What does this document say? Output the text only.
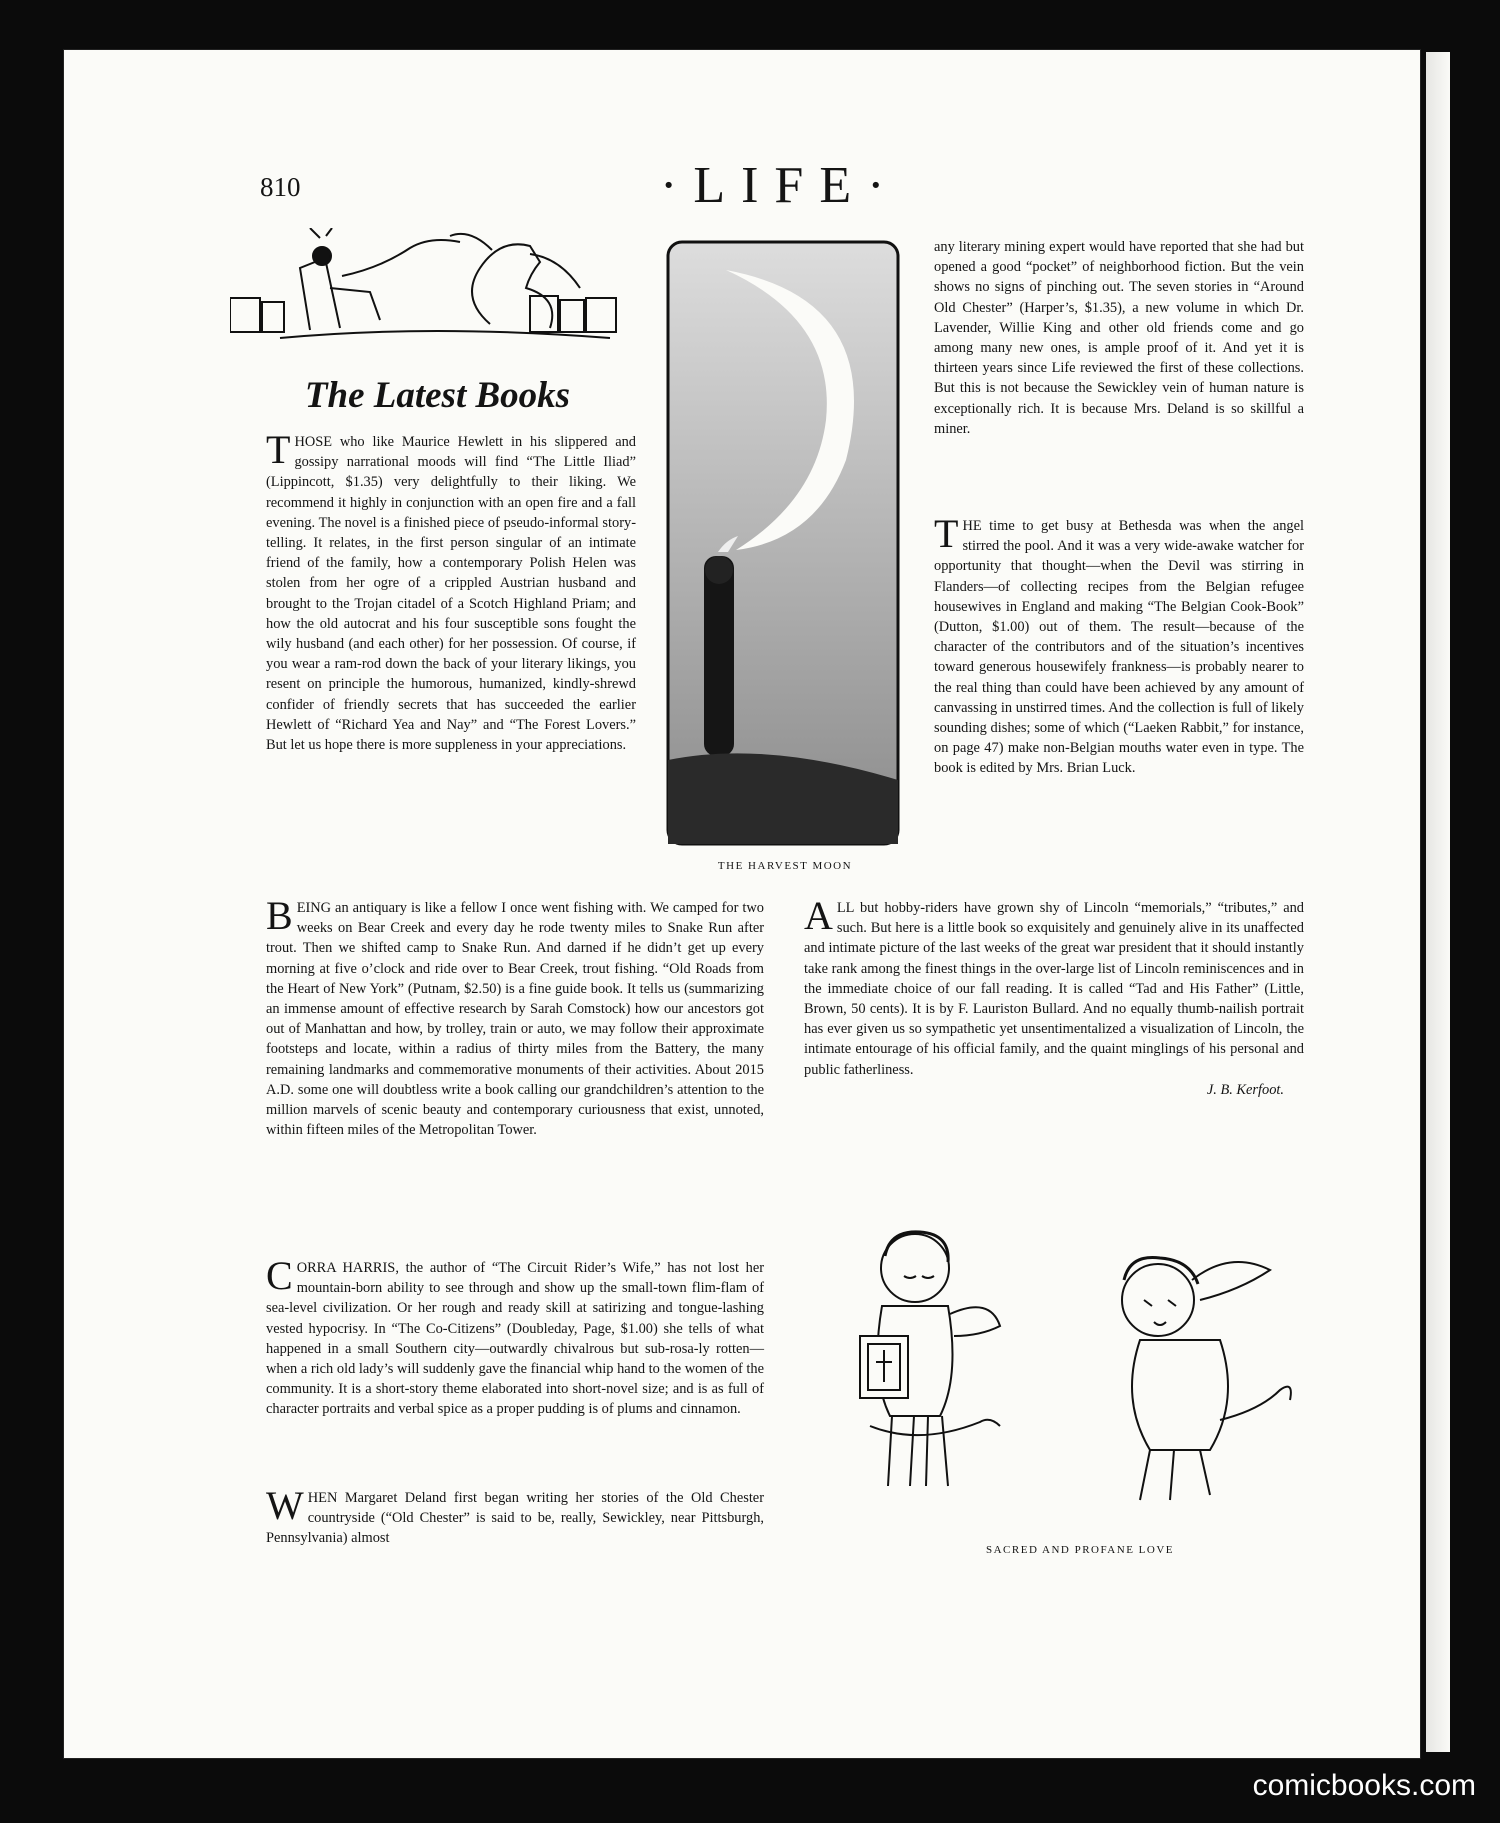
810	·LIFE·
The Latest Books
T HOSE who like Maurice Hewlett in his slippered and gossipy narrational moods will find “The Little Iliad” (Lippincott, $1.35) very delightfully to their liking. We recommend it highly in conjunction with an open fire and a fall evening. The novel is a finished piece of pseudo-informal story-telling. It relates, in the first person singular of an intimate friend of the family, how a contemporary Polish Helen was stolen from her ogre of a crippled Austrian husband and brought to the Trojan citadel of a Scotch Highland Priam; and how the old autocrat and his four susceptible sons fought the wily husband (and each other) for her possession. Of course, if you wear a ram-rod down the back of your literary likings, you resent on principle the humorous, humanized, kindly-shrewd confider of friendly secrets that has succeeded the earlier Hewlett of “Richard Yea and Nay” and “The Forest Lovers.” But let us hope there is more suppleness in your appreciations.

THE HARVEST MOON

any literary mining expert would have reported that she had but opened a good “pocket” of neighborhood fiction. But the vein shows no signs of pinching out. The seven stories in “Around Old Chester” (Harper’s, $1.35), a new volume in which Dr. Lavender, Willie King and other old friends come and go among many new ones, is ample proof of it. And yet it is thirteen years since Life reviewed the first of these collections. But this is not because the Sewickley vein of human nature is exceptionally rich. It is because Mrs. Deland is so skillful a miner.

T HE time to get busy at Bethesda was when the angel stirred the pool. And it was a very wide-awake watcher for opportunity that thought—when the Devil was stirring in Flanders—of collecting recipes from the Belgian refugee housewives in England and making “The Belgian Cook-Book” (Dutton, $1.00) out of them. The result—because of the character of the contributors and of the situation’s incentives toward generous housewifely frankness—is probably nearer to the real thing than could have been achieved by any amount of canvassing in unstirred times. And the collection is full of likely sounding dishes; some of which (“Laeken Rabbit,” for instance, on page 47) make non-Belgian mouths water even in type. The book is edited by Mrs. Brian Luck.

B EING an antiquary is like a fellow I once went fishing with. We camped for two weeks on Bear Creek and every day he rode twenty miles to Snake Run after trout. Then we shifted camp to Snake Run. And darned if he didn’t get up every morning at five o’clock and ride over to Bear Creek, trout fishing. “Old Roads from the Heart of New York” (Putnam, $2.50) is a fine guide book. It tells us (summarizing an immense amount of effective research by Sarah Comstock) how our ancestors got out of Manhattan and how, by trolley, train or auto, we may follow their approximate footsteps and locate, within a radius of thirty miles from the Battery, the many remaining landmarks and commemorative monuments of their activities. About 2015 A.D. some one will doubtless write a book calling our grandchildren’s attention to the million marvels of scenic beauty and contemporary curiousness that exist, unnoted, within fifteen miles of the Metropolitan Tower.

C ORRA HARRIS, the author of “The Circuit Rider’s Wife,” has not lost her mountain-born ability to see through and show up the small-town flim-flam of sea-level civilization. Or her rough and ready skill at satirizing and tongue-lashing vested hypocrisy. In “The Co-Citizens” (Doubleday, Page, $1.00) she tells of what happened in a small Southern city—outwardly chivalrous but sub-rosa-ly rotten—when a rich old lady’s will suddenly gave the financial whip hand to the women of the community. It is a short-story theme elaborated into short-novel size; and is as full of character portraits and verbal spice as a proper pudding is of plums and cinnamon.

W HEN Margaret Deland first began writing her stories of the Old Chester countryside (“Old Chester” is said to be, really, Sewickley, near Pittsburgh, Pennsylvania) almost

A LL but hobby-riders have grown shy of Lincoln “memorials,” “tributes,” and such. But here is a little book so exquisitely and genuinely alive in its unaffected and intimate picture of the last weeks of the great war president that it should instantly take rank among the finest things in the over-large list of Lincoln reminiscences and in the immediate choice of our fall reading. It is called “Tad and His Father” (Little, Brown, 50 cents). It is by F. Lauriston Bullard. And no equally thumb-nailish portrait has ever given us so sympathetic yet unsentimentalized a visualization of Lincoln, the intimate entourage of his official family, and the quaint minglings of his personal and public fatherliness.

J. B. Kerfoot.

SACRED AND PROFANE LOVE
comicbooks.com
